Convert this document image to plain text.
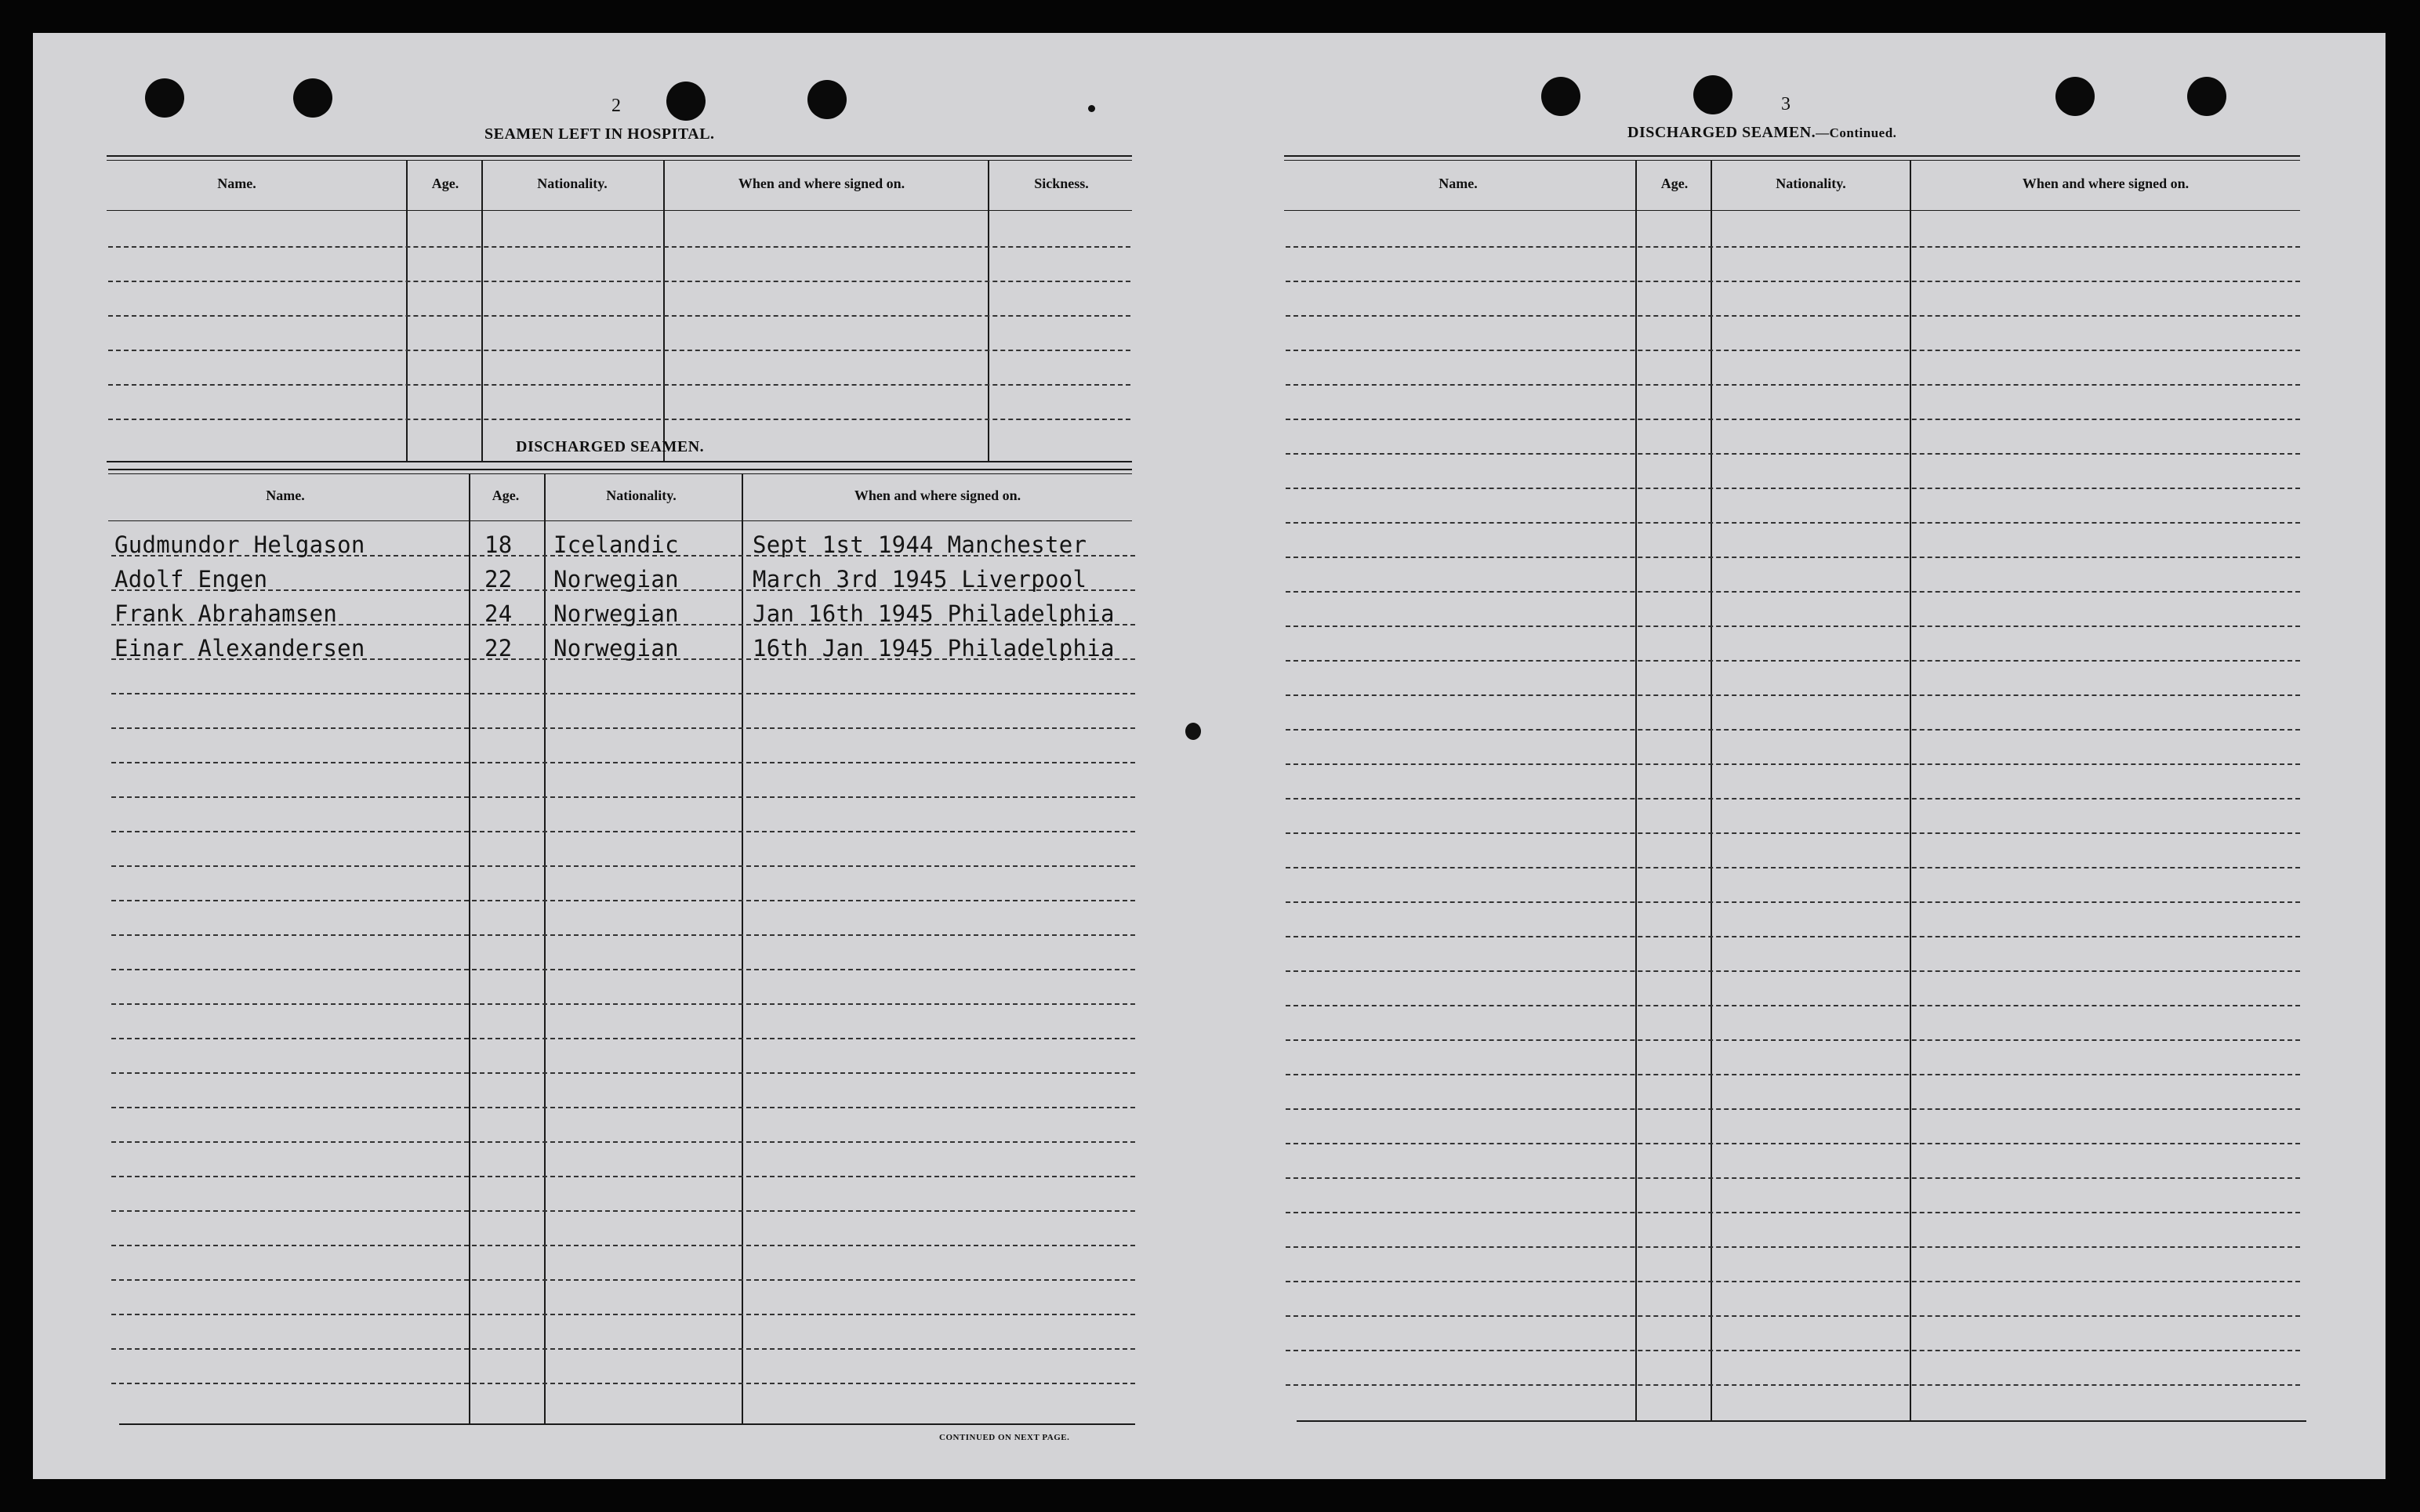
2
SEAMEN LEFT IN HOSPITAL.
Name.	Age.	Nationality.	When and where signed on.	Sickness.
DISCHARGED SEAMEN.
Name.	Age.	Nationality.	When and where signed on.
Gudmundor Helgason	18 Icelandic	Sept 1st 1944 Manchester
Adolf Engen	22 Norwegian	March 3rd 1945 Liverpool
Frank Abrahamsen	24 Norwegian	Jan 16th 1945 Philadelphia
Einar Alexandersen	22 Norwegian	16th Jan 1945 Philadelphia
CONTINUED ON NEXT PAGE.
3
DISCHARGED SEAMEN.—Continued.
Name.	Age.	Nationality.	When and where signed on.
